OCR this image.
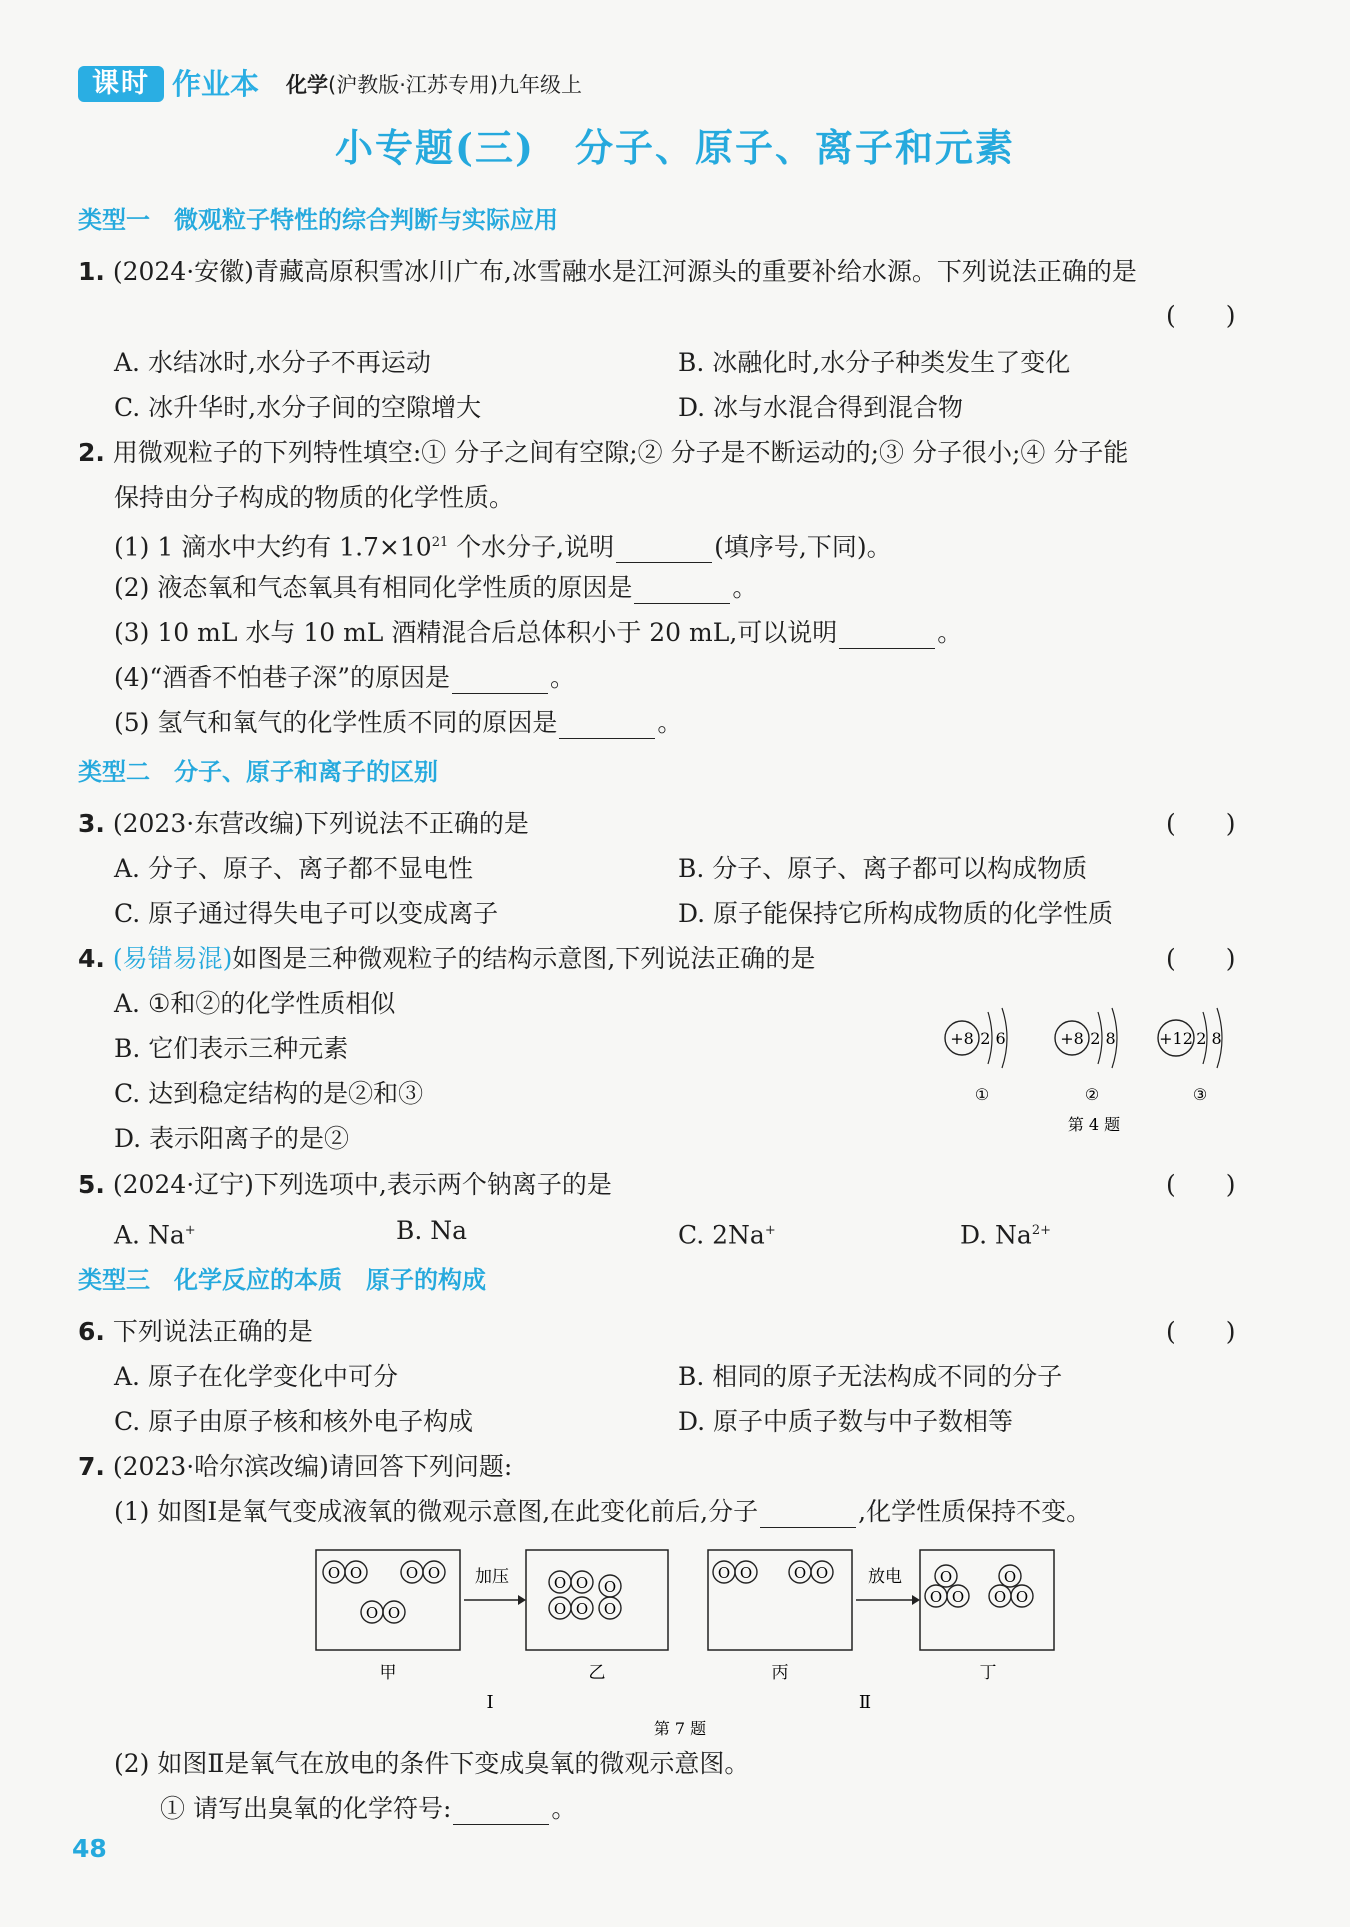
课时 作业本 化学(沪教版·江苏专用)九年级上
小专题(三)　分子、原子、离子和元素
类型一　微观粒子特性的综合判断与实际应用
1. (2024·安徽)青藏高原积雪冰川广布,冰雪融水是江河源头的重要补给水源。下列说法正确的是
(　　)
A. 水结冰时,水分子不再运动	B. 冰融化时,水分子种类发生了变化
C. 冰升华时,水分子间的空隙增大	D. 冰与水混合得到混合物
2. 用微观粒子的下列特性填空:① 分子之间有空隙;② 分子是不断运动的;③ 分子很小;④ 分子能
保持由分子构成的物质的化学性质。
(1) 1 滴水中大约有 $1.7\times 10^{21}$ 个水分子,说明	(填序号,下同)。
(2) 液态氧和气态氧具有相同化学性质的原因是	。
(3) 10 mL 水与 10 mL 酒精混合后总体积小于 20 mL,可以说明	。
(4)“酒香不怕巷子深”的原因是	。
(5) 氢气和氧气的化学性质不同的原因是	。
类型二　分子、原子和离子的区别
3. (2023·东营改编)下列说法不正确的是	(　　)
A. 分子、原子、离子都不显电性	B. 分子、原子、离子都可以构成物质
C. 原子通过得失电子可以变成离子	D. 原子能保持它所构成物质的化学性质
4. (易错易混)如图是三种微观粒子的结构示意图,下列说法正确的是	(　　)
A. ①和②的化学性质相似
B. 它们表示三种元素
C. 达到稳定结构的是②和③
D. 表示阳离子的是②
+8 2 6
①
+8 2 8
②
+12 2 8
③
第 4 题
5. (2024·辽宁)下列选项中,表示两个钠离子的是	(　　)
A. Na+	B. Na	C. 2Na+	D. $Na^{2+}$
类型三　化学反应的本质　原子的构成
6. 下列说法正确的是	(　　)
A. 原子在化学变化中可分	B. 相同的原子无法构成不同的分子
C. 原子由原子核和核外电子构成	D. 原子中质子数与中子数相等
7. (2023·哈尔滨改编)请回答下列问题:
(1) 如图Ⅰ是氧气变成液氧的微观示意图,在此变化前后,分子	,化学性质保持不变。
O
甲
加压
乙	丙
放电
丁
Ⅰ	Ⅱ
第 7 题
(2) 如图Ⅱ是氧气在放电的条件下变成臭氧的微观示意图。
① 请写出臭氧的化学符号:	。
48
